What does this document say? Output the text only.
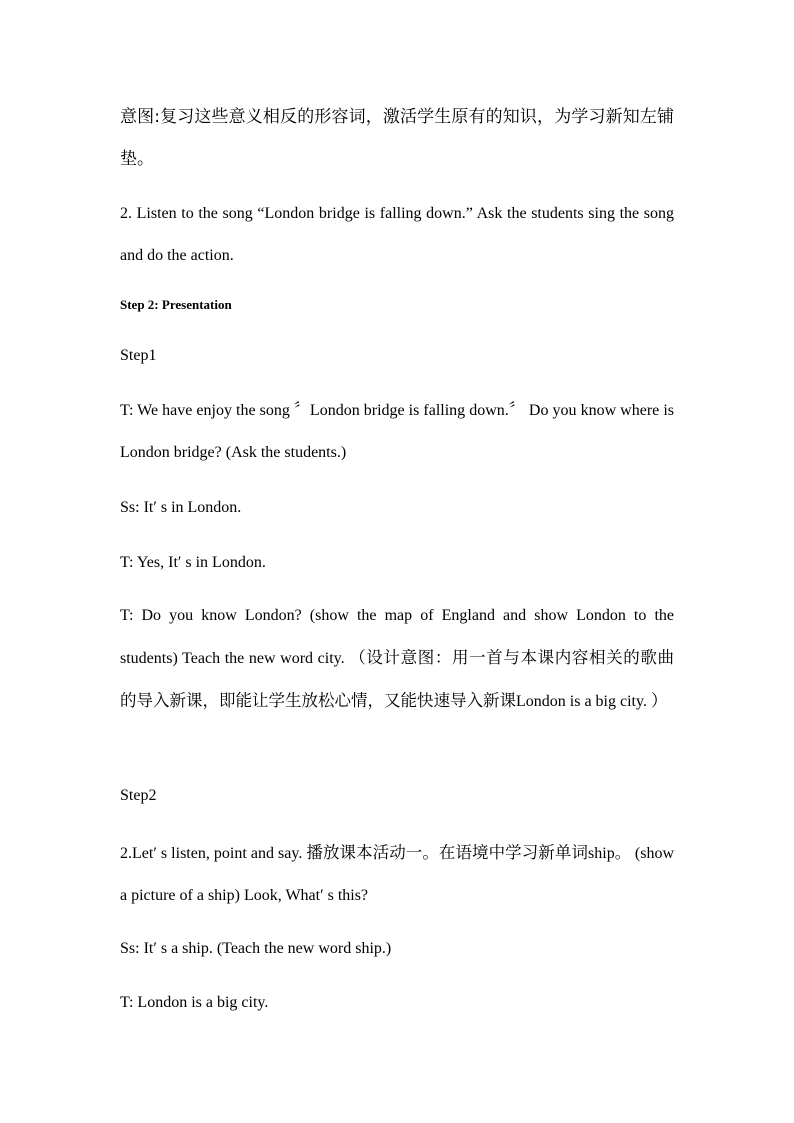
意图:复习这些意义相反的形容词，激活学生原有的知识，为学习新知左铺垫。

2. Listen to the song “London bridge is falling down.” Ask the students sing the song and do the action.

Step 2: Presentation

Step1

T: We have enjoy the song 〞London bridge is falling down.〞 Do you know where is London bridge? (Ask the students.)

Ss: It′ s in London.

T: Yes, It′ s in London.

T: Do you know London? (show the map of England and show London to the students) Teach the new word city. （设计意图：用一首与本课内容相关的歌曲的导入新课，即能让学生放松心情，又能快速导入新课London is a big city. ）

Step2

2.Let′ s listen, point and say. 播放课本活动一。在语境中学习新单词ship。 (show a picture of a ship) Look, What′ s this?

Ss: It′ s a ship. (Teach the new word ship.)

T: London is a big city.
